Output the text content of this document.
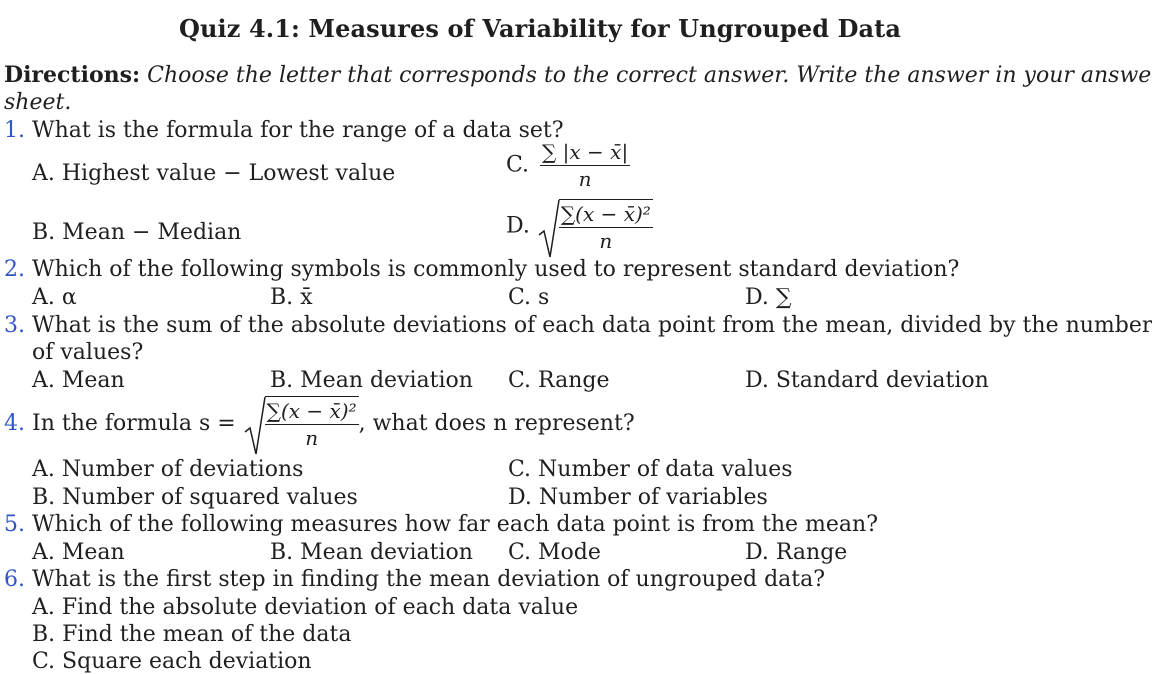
Quiz 4.1: Measures of Variability for Ungrouped Data
Directions: Choose the letter that corresponds to the correct answer. Write the answer in your answe
sheet.
1. What is the formula for the range of a data set?
A. Highest value − Lowest value	C. $\frac{\sum |x - x̄|}{n}$
B. Mean − Median	D. $\frac{\text{∑(x − x̄)²}}{n}$
2. Which of the following symbols is commonly used to represent standard deviation?
A. α	B. x̄	C. s	D. ∑
3. What is the sum of the absolute deviations of each data point from the mean, divided by the number
of values?
A. Mean	B. Mean deviation C. Range	D. Standard deviation
4. In the formula $s = \frac{\text{∑(x − x̄)²}}{n}$ , what does n represent?
A. Number of deviations	C. Number of data values
B. Number of squared values	D. Number of variables
5. Which of the following measures how far each data point is from the mean?
A. Mean	B. Mean deviation C. Mode	D. Range
6. What is the first step in finding the mean deviation of ungrouped data?
A. Find the absolute deviation of each data value
B. Find the mean of the data
C. Square each deviation
